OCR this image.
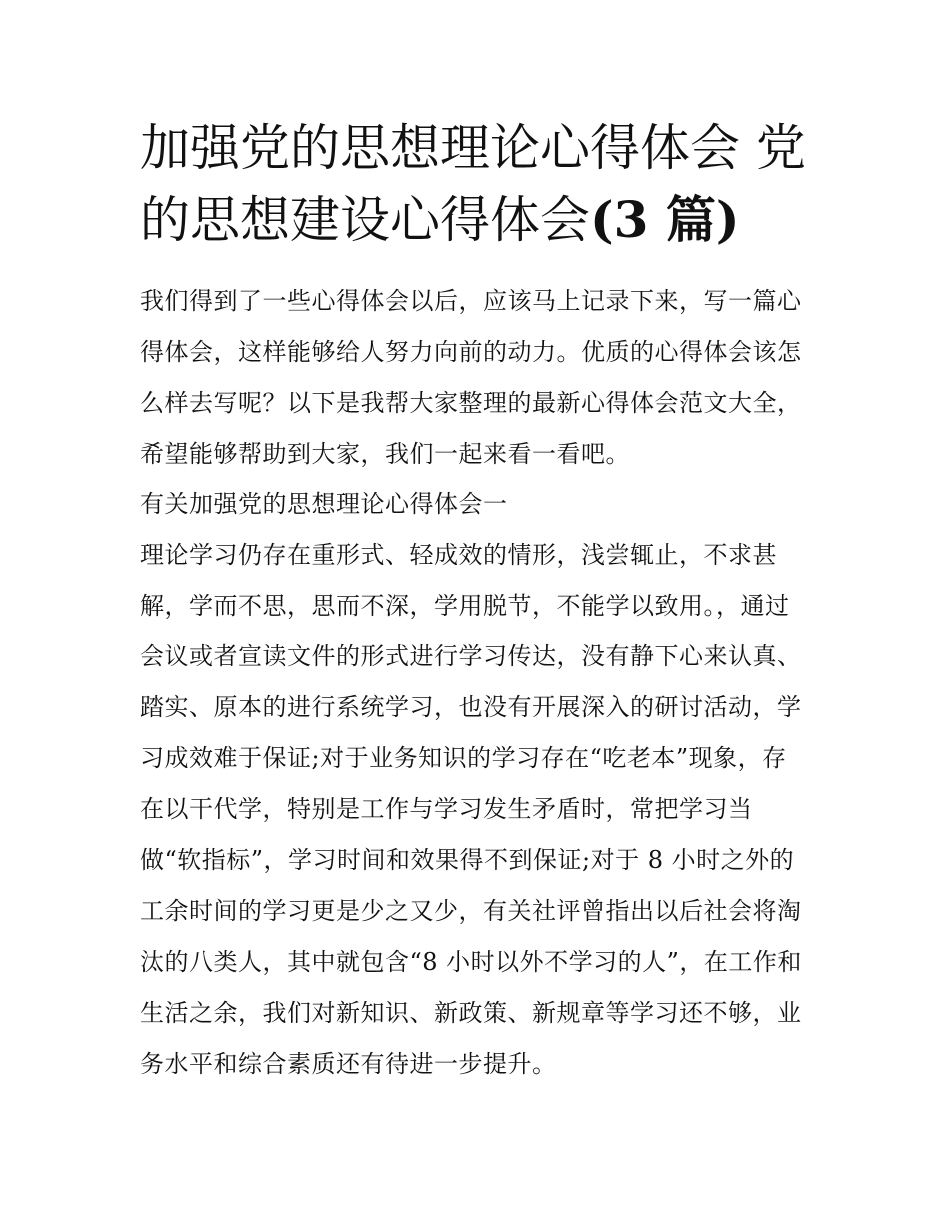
加强党的思想理论心得体会 党
的思想建设心得体会(3 篇)

我们得到了一些心得体会以后，应该马上记录下来，写一篇心

得体会，这样能够给人努力向前的动力。优质的心得体会该怎

么样去写呢？以下是我帮大家整理的最新心得体会范文大全，

希望能够帮助到大家，我们一起来看一看吧。

有关加强党的思想理论心得体会一

理论学习仍存在重形式、轻成效的情形，浅尝辄止，不求甚

解，学而不思，思而不深，学用脱节，不能学以致用。，通过

会议或者宣读文件的形式进行学习传达，没有静下心来认真、

踏实、原本的进行系统学习，也没有开展深入的研讨活动，学

习成效难于保证;对于业务知识的学习存在“吃老本”现象，存

在以干代学，特别是工作与学习发生矛盾时，常把学习当

做“软指标”，学习时间和效果得不到保证;对于 8 小时之外的

工余时间的学习更是少之又少，有关社评曾指出以后社会将淘

汰的八类人，其中就包含“8 小时以外不学习的人”，在工作和

生活之余，我们对新知识、新政策、新规章等学习还不够，业

务水平和综合素质还有待进一步提升。
